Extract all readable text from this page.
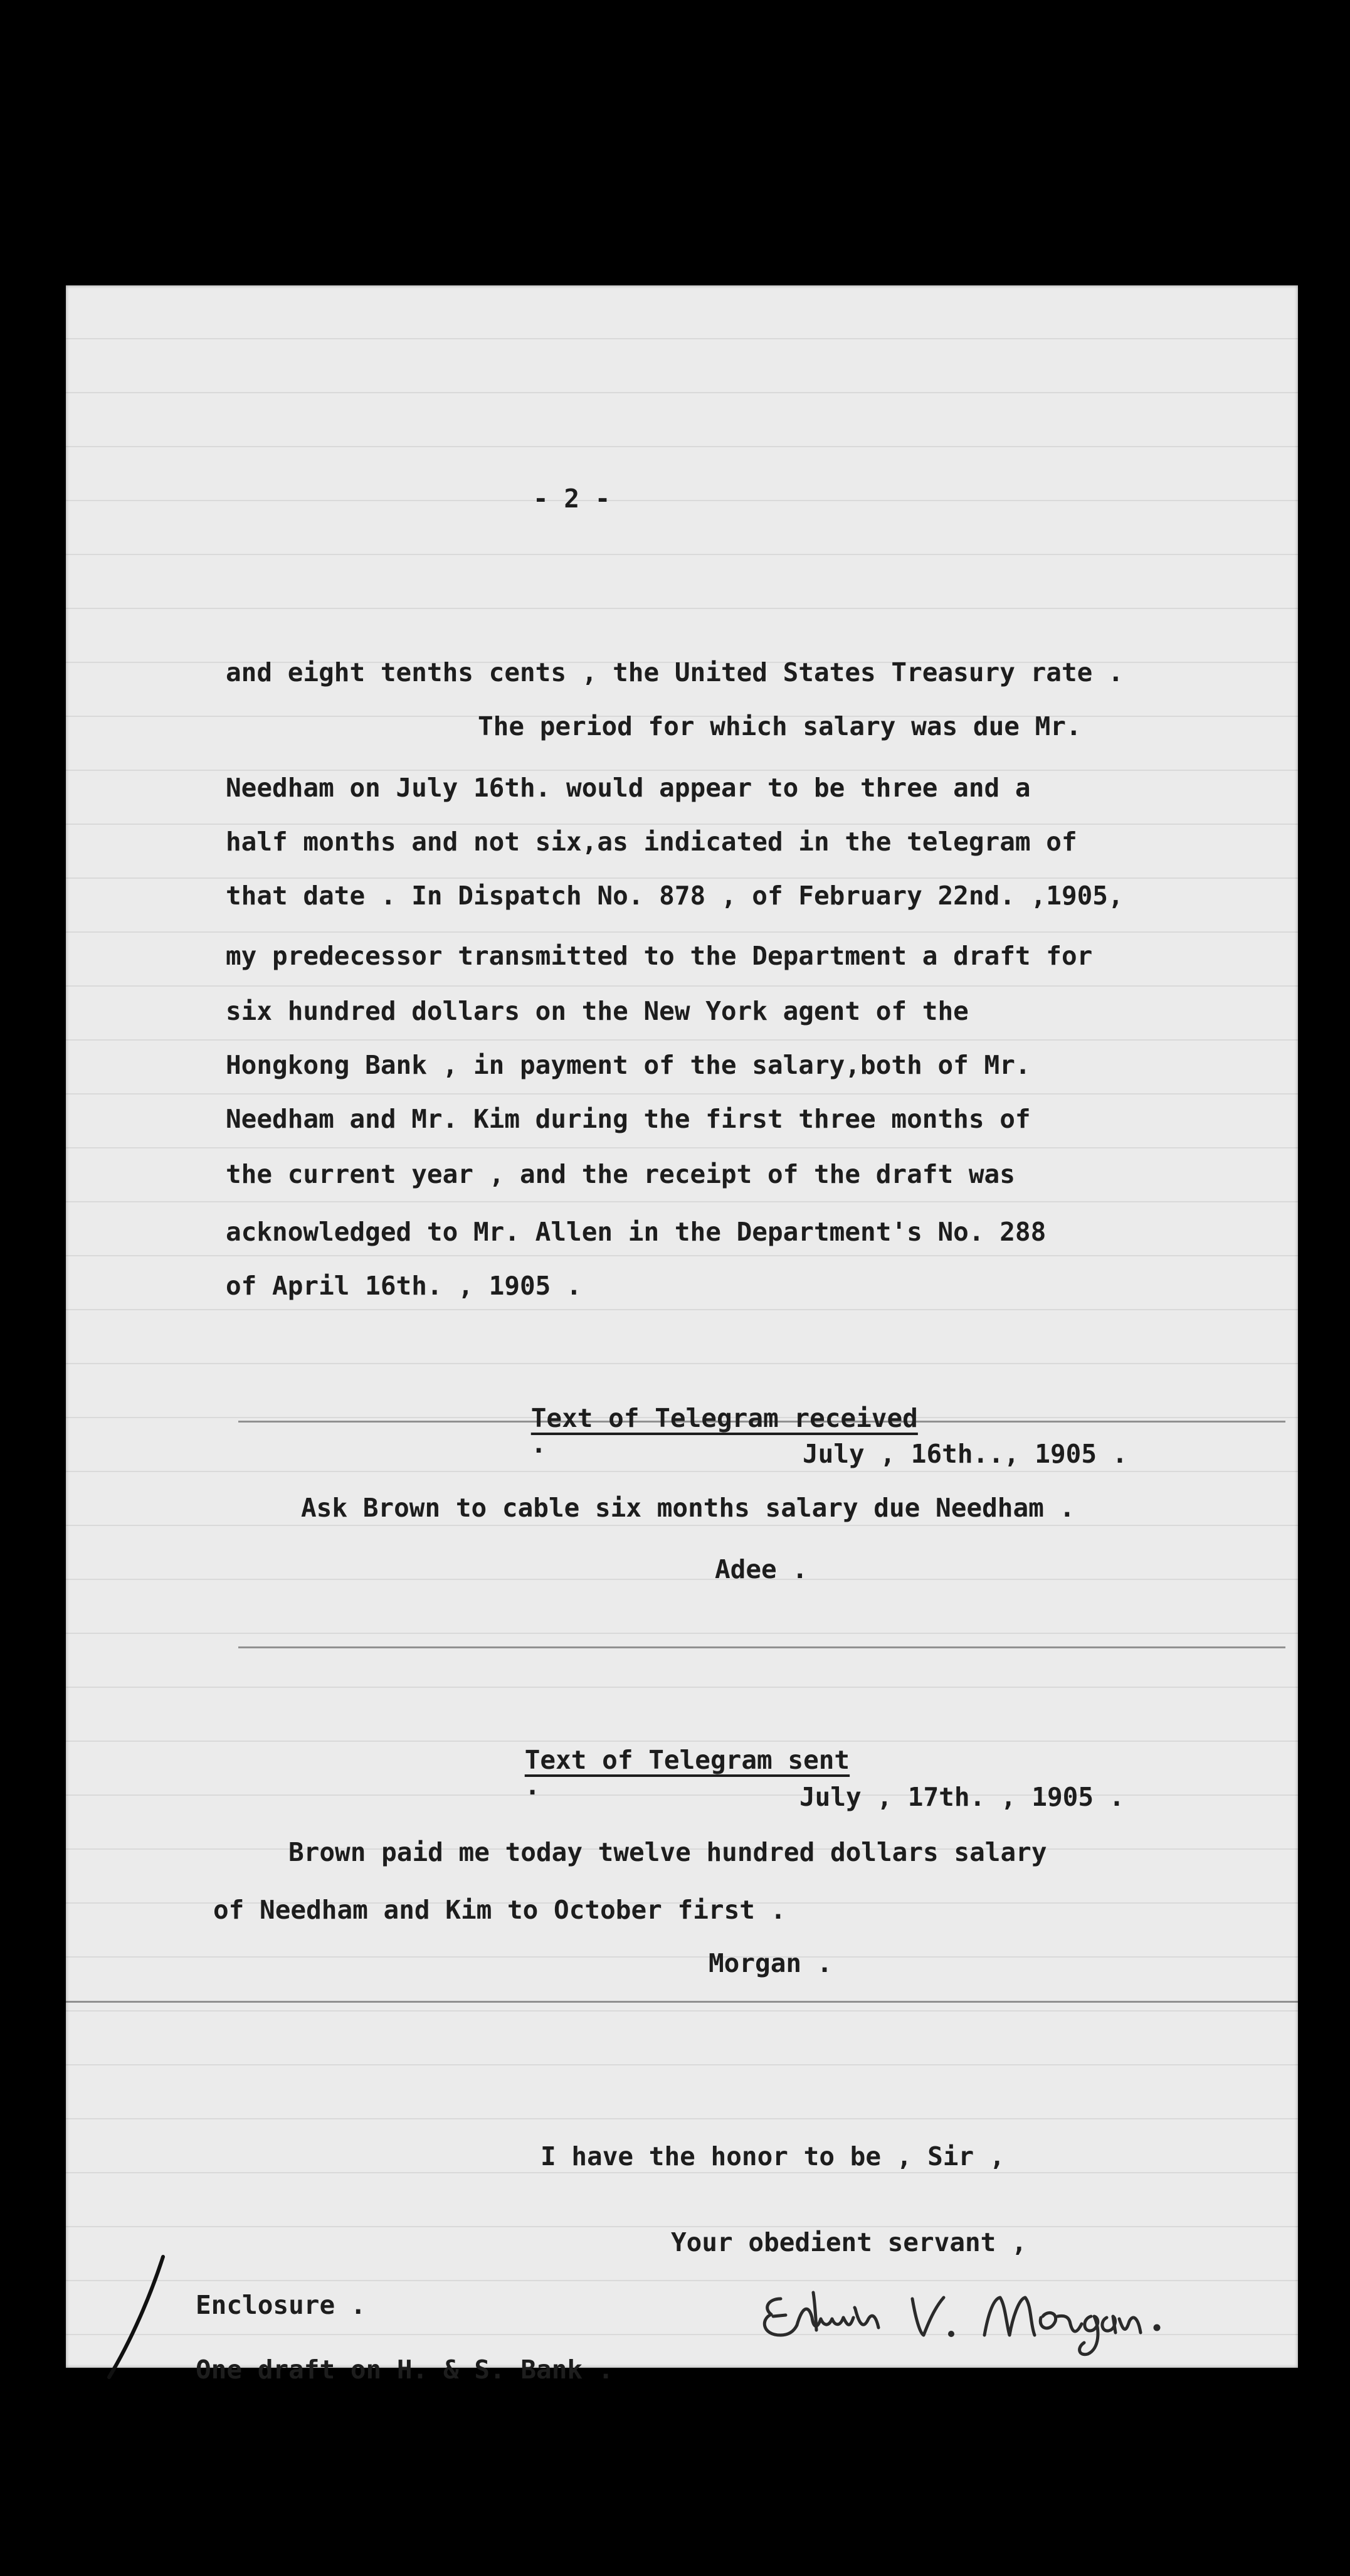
- 2 -
and eight tenths cents , the United States Treasury rate .
The period for which salary was due Mr.
Needham on July 16th. would appear to be three and a
half months and not six,as indicated in the telegram of
that date . In Dispatch No. 878 , of February 22nd. ,1905,
my predecessor transmitted to the Department a draft for
six hundred dollars on the New York agent of the
Hongkong Bank , in payment of the salary,both of Mr.
Needham and Mr. Kim during the first three months of
the current year , and the receipt of the draft was
acknowledged to Mr. Allen in the Department's No. 288
of April 16th. , 1905 .

Text of Telegram received
.
	July , 16th.., 1905 .
Ask Brown to cable six months salary due Needham .
Adee .

Text of Telegram sent
.
	July , 17th. , 1905 .
Brown paid me today twelve hundred dollars salary
of Needham and Kim to October first .
Morgan .
I have the honor to be , Sir ,
Your obedient servant ,
Enclosure .
One draft on H. & S. Bank .
